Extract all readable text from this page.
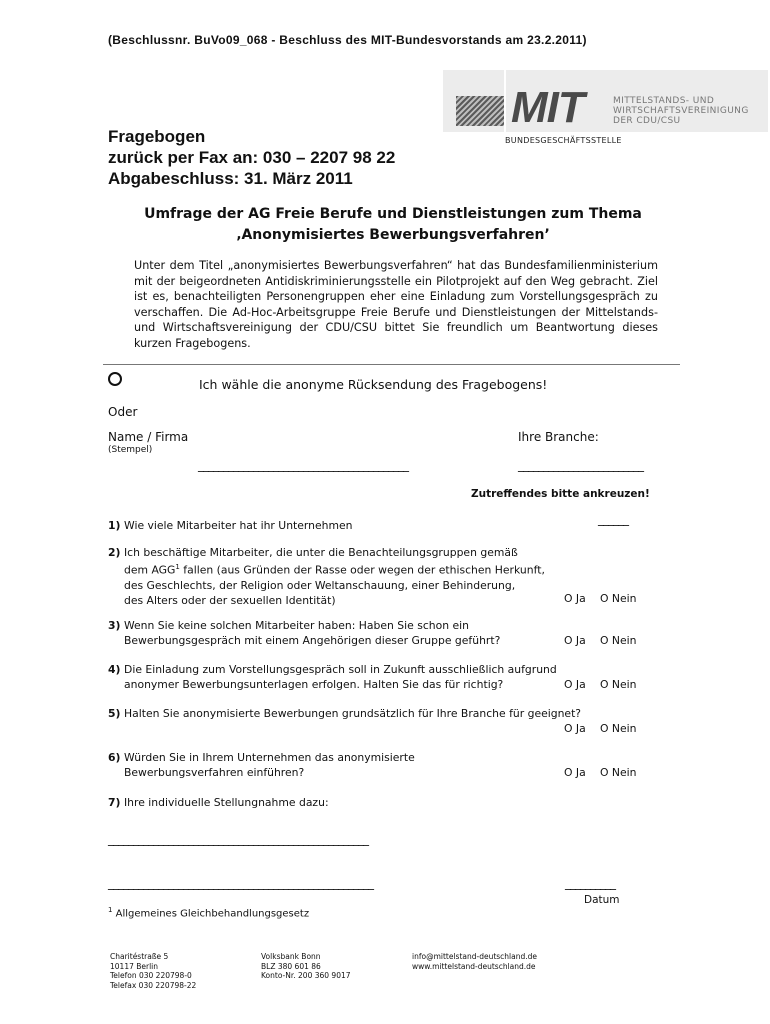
(Beschlussnr. BuVo09_068 - Beschluss des MIT-Bundesvorstands am 23.2.2011)
MIT	MITTELSTANDS- UND
WIRTSCHAFTSVEREINIGUNG
DER CDU/CSU
BUNDESGESCHÄFTSSTELLE
Fragebogen
zurück per Fax an: 030 – 2207 98 22
Abgabeschluss: 31. März 2011
Umfrage der AG Freie Berufe und Dienstleistungen zum Thema
‚Anonymisiertes Bewerbungsverfahren’
Unter dem Titel „anonymisiertes Bewerbungsverfahren“ hat das Bundesfamilienministerium mit der beigeordneten Antidiskriminierungsstelle ein Pilotprojekt auf den Weg gebracht. Ziel ist es, benachteiligten Personengruppen eher eine Einladung zum Vorstellungsgespräch zu verschaffen. Die Ad-Hoc-Arbeitsgruppe Freie Berufe und Dienstleistungen der Mittelstands- und Wirtschaftsvereinigung der CDU/CSU bittet Sie freundlich um Beantwortung dieses kurzen Fragebogens.
Ich wähle die anonyme Rücksendung des Fragebogens!
Oder
Name / Firma
(Stempel)
Ihre Branche:
__________________________________________	_________________________
Zutreffendes bitte ankreuzen!
1) Wie viele Mitarbeiter hat ihr Unternehmen	______
2) Ich beschäftige Mitarbeiter, die unter die Benachteilungsgruppen gemäß
dem AGG$^1$ fallen (aus Gründen der Rasse oder wegen der ethischen Herkunft,
des Geschlechts, der Religion oder Weltanschauung, einer Behinderung,
des Alters oder der sexuellen Identität)	O Ja O Nein
3) Wenn Sie keine solchen Mitarbeiter haben: Haben Sie schon ein
Bewerbungsgespräch mit einem Angehörigen dieser Gruppe geführt?	O Ja O Nein
4) Die Einladung zum Vorstellungsgespräch soll in Zukunft ausschließlich aufgrund
anonymer Bewerbungsunterlagen erfolgen. Halten Sie das für richtig?	O Ja O Nein
5) Halten Sie anonymisierte Bewerbungen grundsätzlich für Ihre Branche für geeignet?
O Ja O Nein
6) Würden Sie in Ihrem Unternehmen das anonymisierte
Bewerbungsverfahren einführen?	O Ja O Nein
7) Ihre individuelle Stellungnahme dazu:
____________________________________________________
_____________________________________________________	__________
Datum
$^1$ Allgemeines Gleichbehandlungsgesetz
Charitéstraße 5
10117 Berlin
Telefon 030 220798-0
Telefax 030 220798-22
Volksbank Bonn
BLZ 380 601 86
Konto-Nr. 200 360 9017
info@mittelstand-deutschland.de
www.mittelstand-deutschland.de
